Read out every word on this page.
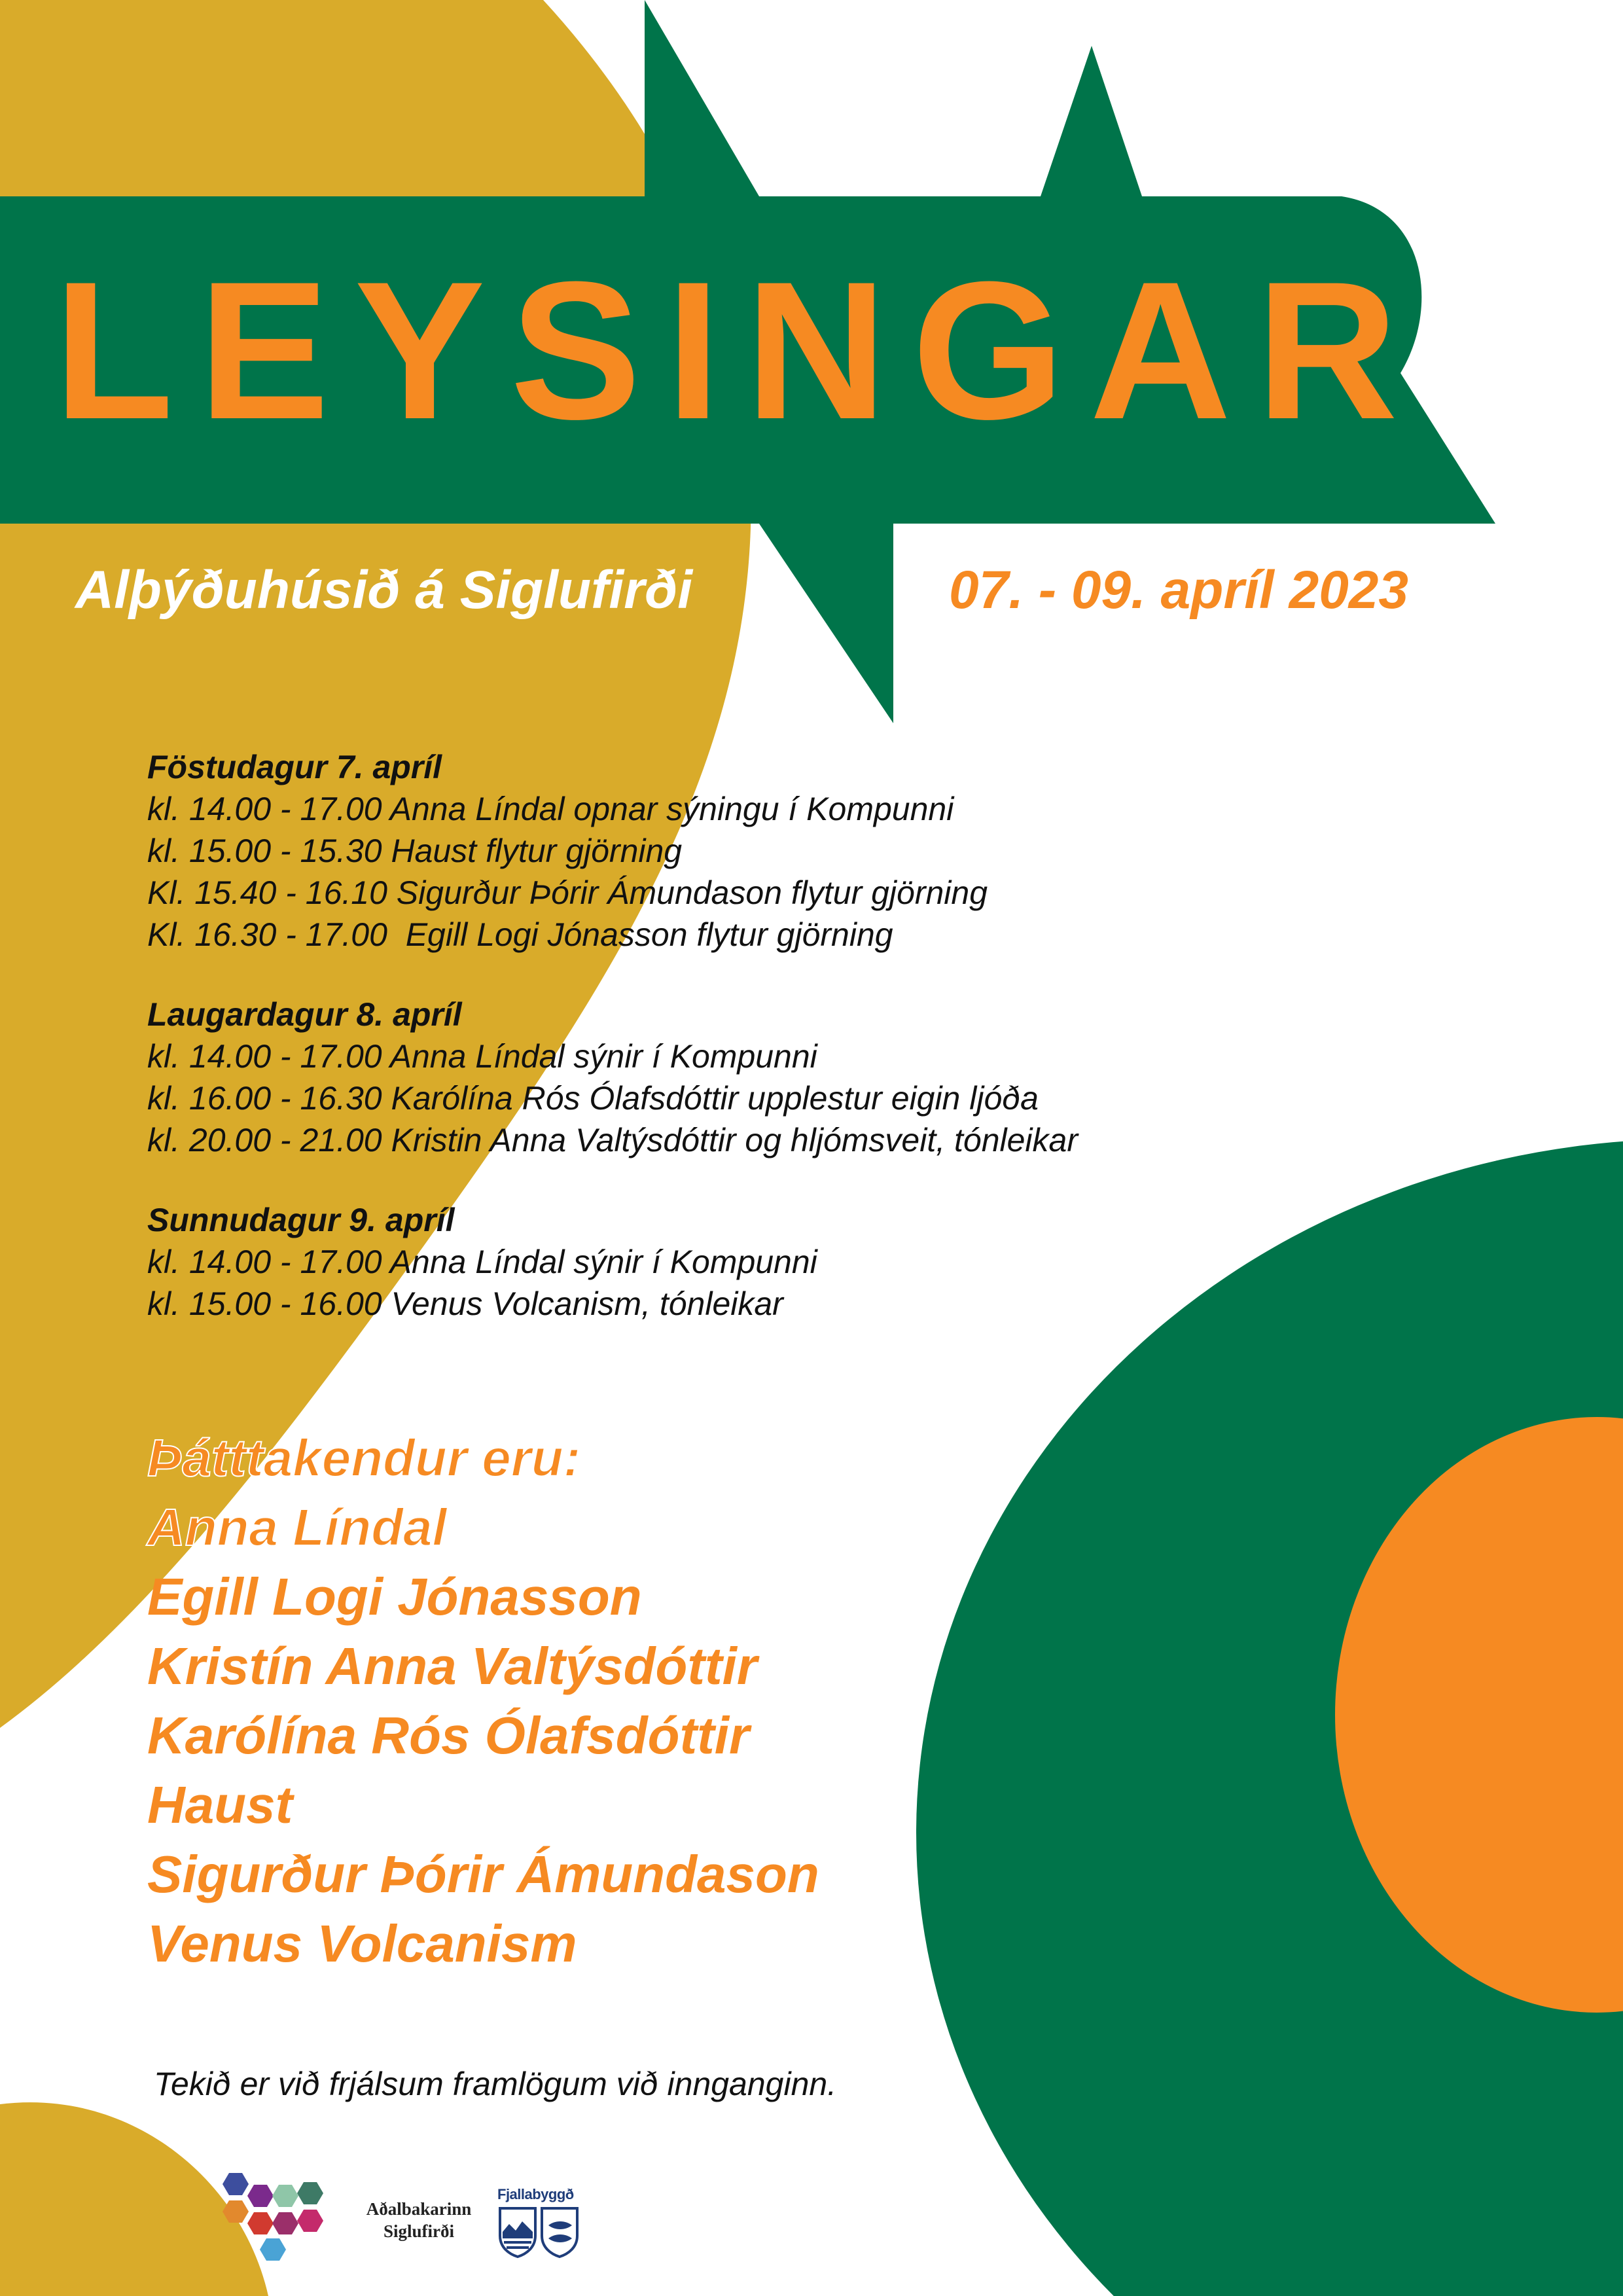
LEYSINGAR

Alþýðuhúsið á Siglufirði	07. - 09. apríl 2023

Föstudagur 7. apríl
kl. 14.00 - 17.00 Anna Líndal opnar sýningu í Kompunni
kl. 15.00 - 15.30 Haust flytur gjörning
Kl. 15.40 - 16.10 Sigurður Þórir Ámundason flytur gjörning
Kl. 16.30 - 17.00  Egill Logi Jónasson flytur gjörning
Laugardagur 8. apríl
kl. 14.00 - 17.00 Anna Líndal sýnir í Kompunni
kl. 16.00 - 16.30 Karólína Rós Ólafsdóttir upplestur eigin ljóða
kl. 20.00 - 21.00 Kristin Anna Valtýsdóttir og hljómsveit, tónleikar
Sunnudagur 9. apríl
kl. 14.00 - 17.00 Anna Líndal sýnir í Kompunni
kl. 15.00 - 16.00 Venus Volcanism, tónleikar
Þátttakendur eru:
Anna Líndal
Egill Logi Jónasson
Kristín Anna Valtýsdóttir
Karólína Rós Ólafsdóttir
Haust
Sigurður Þórir Ámundason
Venus Volcanism

Tekið er við frjálsum framlögum við innganginn.

Aðalbakarinn
Siglufirði
Fjallabyggð
